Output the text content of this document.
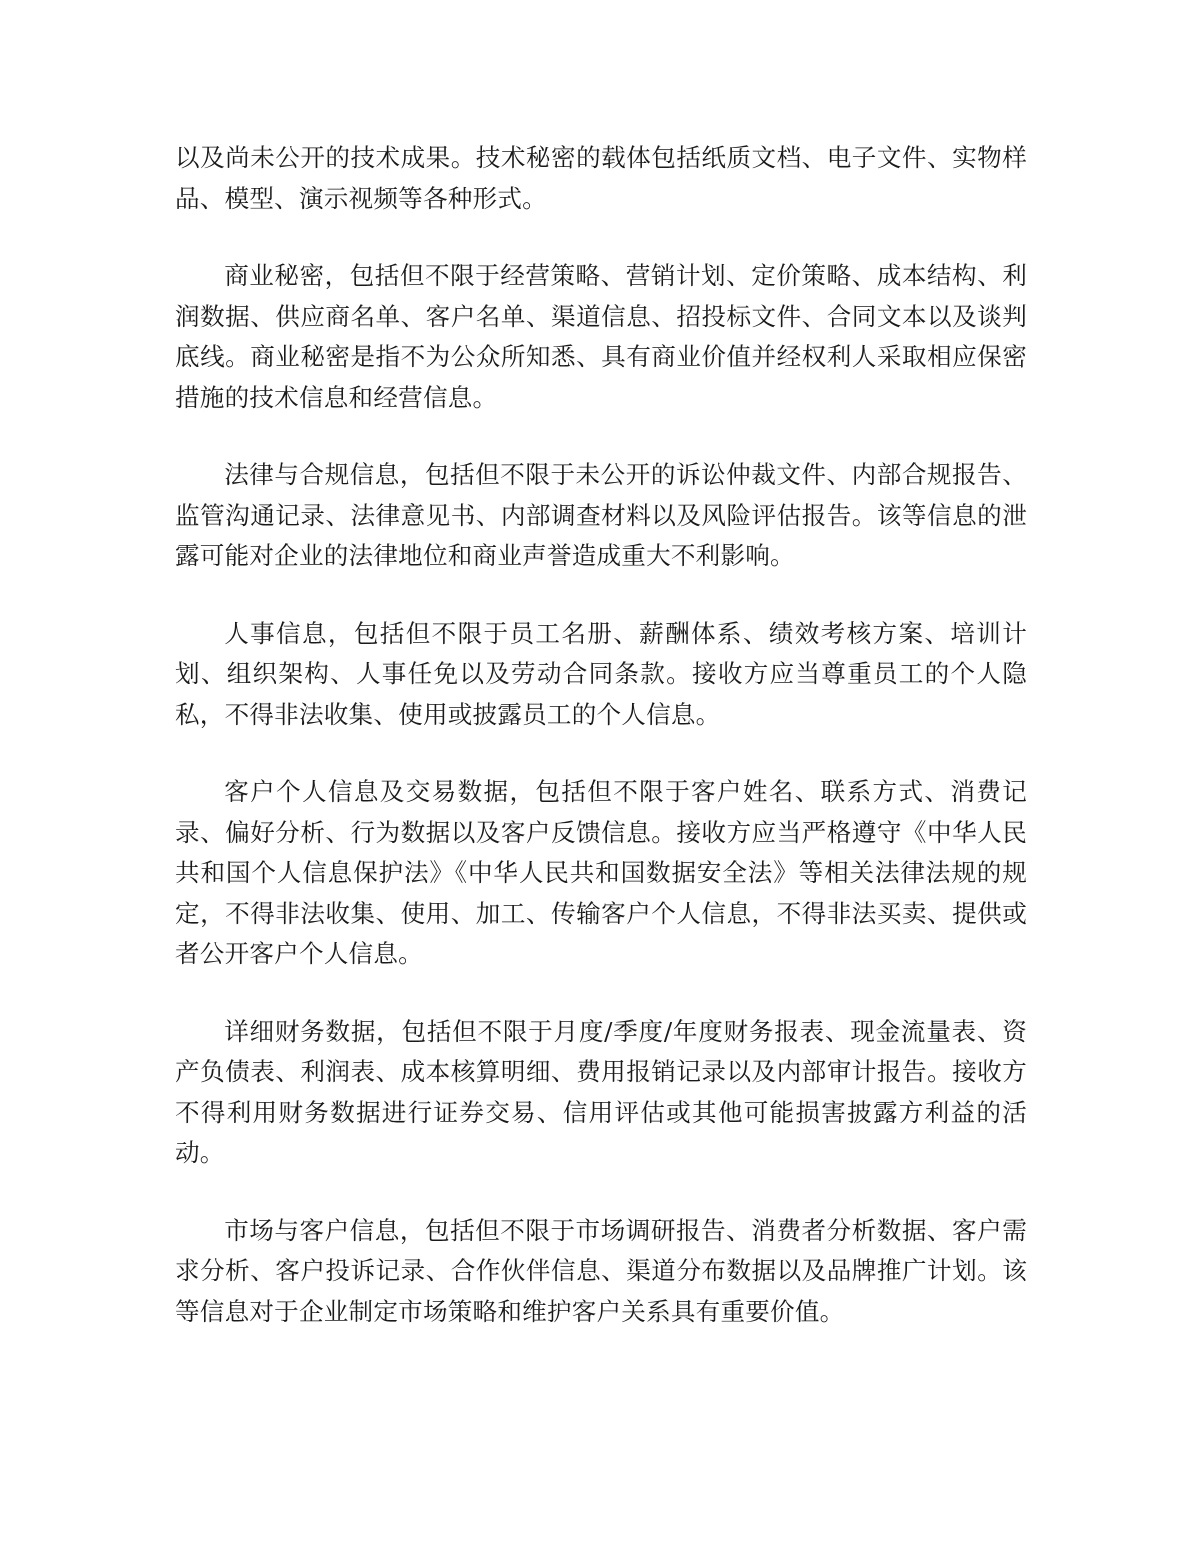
以及尚未公开的技术成果。技术秘密的载体包括纸质文档、电子文件、实物样品、模型、演示视频等各种形式。

商业秘密，包括但不限于经营策略、营销计划、定价策略、成本结构、利润数据、供应商名单、客户名单、渠道信息、招投标文件、合同文本以及谈判底线。商业秘密是指不为公众所知悉、具有商业价值并经权利人采取相应保密措施的技术信息和经营信息。

法律与合规信息，包括但不限于未公开的诉讼仲裁文件、内部合规报告、监管沟通记录、法律意见书、内部调查材料以及风险评估报告。该等信息的泄露可能对企业的法律地位和商业声誉造成重大不利影响。

人事信息，包括但不限于员工名册、薪酬体系、绩效考核方案、培训计划、组织架构、人事任免以及劳动合同条款。接收方应当尊重员工的个人隐私，不得非法收集、使用或披露员工的个人信息。

客户个人信息及交易数据，包括但不限于客户姓名、联系方式、消费记录、偏好分析、行为数据以及客户反馈信息。接收方应当严格遵守《中华人民共和国个人信息保护法》《中华人民共和国数据安全法》等相关法律法规的规定，不得非法收集、使用、加工、传输客户个人信息，不得非法买卖、提供或者公开客户个人信息。

详细财务数据，包括但不限于月度/季度/年度财务报表、现金流量表、资产负债表、利润表、成本核算明细、费用报销记录以及内部审计报告。接收方不得利用财务数据进行证券交易、信用评估或其他可能损害披露方利益的活动。

市场与客户信息，包括但不限于市场调研报告、消费者分析数据、客户需求分析、客户投诉记录、合作伙伴信息、渠道分布数据以及品牌推广计划。该等信息对于企业制定市场策略和维护客户关系具有重要价值。
